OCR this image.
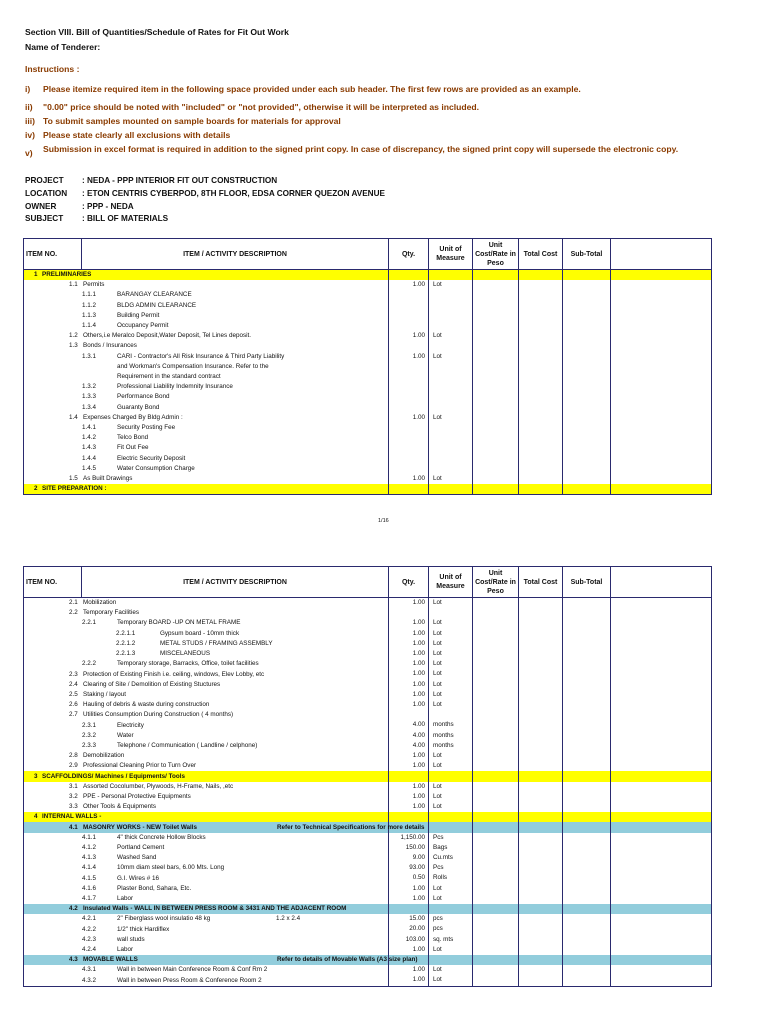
Section VIII. Bill of Quantities/Schedule of Rates for Fit Out Work
Name of Tenderer:
Instructions :
i) Please itemize required item in the following space provided under each sub header. The first few rows are provided as an example.
ii) "0.00" price should be noted with "included" or "not provided", otherwise it will be interpreted as included.
iii) To submit samples mounted on sample boards for materials for approval
iv) Please state clearly all exclusions with details
v)	Submission in excel format is required in addition to the signed print copy. In case of discrepancy, the signed print copy will supersede the electronic copy.
PROJECT : NEDA - PPP INTERIOR FIT OUT CONSTRUCTION
LOCATION : ETON CENTRIS CYBERPOD, 8TH FLOOR, EDSA CORNER QUEZON AVENUE
OWNER	: PPP - NEDA
SUBJECT : BILL OF MATERIALS
ITEM NO.	ITEM / ACTIVITY DESCRIPTION	Qty.	Unit of Measure	Unit Cost/Rate in Peso	Total Cost	Sub-Total	

1 PRELIMINARIES							

1.1 Permits		1.00	Lot				

1.1.1 BARANGAY CLEARANCE							

1.1.2 BLDG ADMIN CLEARANCE							

1.1.3 Building Permit							

1.1.4 Occupancy Permit							

1.2 Others,i.e Meralco Deposit,Water Deposit, Tel Lines deposit.		1.00	Lot				

1.3 Bonds / Insurances							

1.3.1 CARI - Contractor's All Risk Insurance & Third Party Liability		1.00	Lot				

and Workman's Compensation Insurance. Refer to the							

Requirement in the standard contract							

1.3.2 Professional Liability Indemnity Insurance							

1.3.3 Performance Bond							

1.3.4 Guaranty Bond							

1.4 Expenses Charged By Bldg Admin :		1.00	Lot				

1.4.1 Security Posting Fee							

1.4.2 Telco Bond							

1.4.3 Fit Out Fee							

1.4.4 Electric Security Deposit							

1.4.5 Water Consumption Charge							

1.5 As Built Drawings		1.00	Lot				

2 SITE PREPARATION :							

1/16
ITEM NO.	ITEM / ACTIVITY DESCRIPTION	Qty.	Unit of Measure	Unit Cost/Rate in Peso	Total Cost	Sub-Total	

2.1 Mobilization		1.00	Lot				

2.2 Temporary Facilities							

2.2.1 Temporary BOARD -UP ON METAL FRAME		1.00	Lot				

2.2.1.1 Gypsum board - 10mm thick		1.00	Lot				

2.2.1.2 METAL STUDS / FRAMING ASSEMBLY		1.00	Lot				

2.2.1.3 MISCELANEOUS		1.00	Lot				

2.2.2 Temporary storage, Barracks, Office, toilet facilities		1.00	Lot				

2.3 Protection of Existing Finish i.e. ceiling, windows, Elev Lobby, etc		1.00	Lot				

2.4 Clearing of Site / Demolition of Existing Stuctures		1.00	Lot				

2.5 Staking / layout		1.00	Lot				

2.6 Hauling of debris & waste during construction		1.00	Lot				

2.7 Utilities Consumption During Construction ( 4 months)							

2.3.1 Electricity		4.00	months				

2.3.2 Water		4.00	months				

2.3.3 Telephone / Communication ( Landline / celphone)		4.00	months				

2.8 Demobilization		1.00	Lot				

2.9 Professional Cleaning Prior to Turn Over		1.00	Lot				

3 SCAFFOLDINGS/ Machines / Equipments/ Tools							

3.1 Assorted Cocolumber, Plywoods, H-Frame, Nails, ,etc		1.00	Lot				

3.2 PPE - Personal Protective Equipments		1.00	Lot				

3.3 Other Tools & Equipments		1.00	Lot				

4 INTERNAL WALLS -							

4.1 MASONRY WORKS - NEW Toilet Walls Refer to Technical Specifications for more details							

4.1.1 4" thick Concrete Hollow Blocks		1,150.00	Pcs				

4.1.2 Portland Cement		150.00	Bags				

4.1.3 Washed Sand		9.00	Cu.mts				

4.1.4 10mm diam steel bars, 6.00 Mts. Long		93.00	Pcs				

4.1.5 G.I. Wires # 16		0.50	Rolls				

4.1.6 Plaster Bond, Sahara, Etc.		1.00	Lot				

4.1.7 Labor		1.00	Lot				

4.2 Insulated Walls - WALL IN BETWEEN PRESS ROOM & 3431 AND THE ADJACENT ROOM							

4.2.1 2" Fiberglass wool insulatio 48 kg 1.2 x 2.4		15.00	pcs				

4.2.2 1/2" thick Hardiflex		20.00	pcs				

4.2.3 wall studs		103.00	sq. mts				

4.2.4 Labor		1.00	Lot				

4.3 MOVABLE WALLS Refer to details of Movable Walls (A3 size plan)							

4.3.1 Wall in between Main Conference Room & Conf Rm 2		1.00	Lot				

4.3.2 Wall in between Press Room & Conference Room 2		1.00	Lot				
